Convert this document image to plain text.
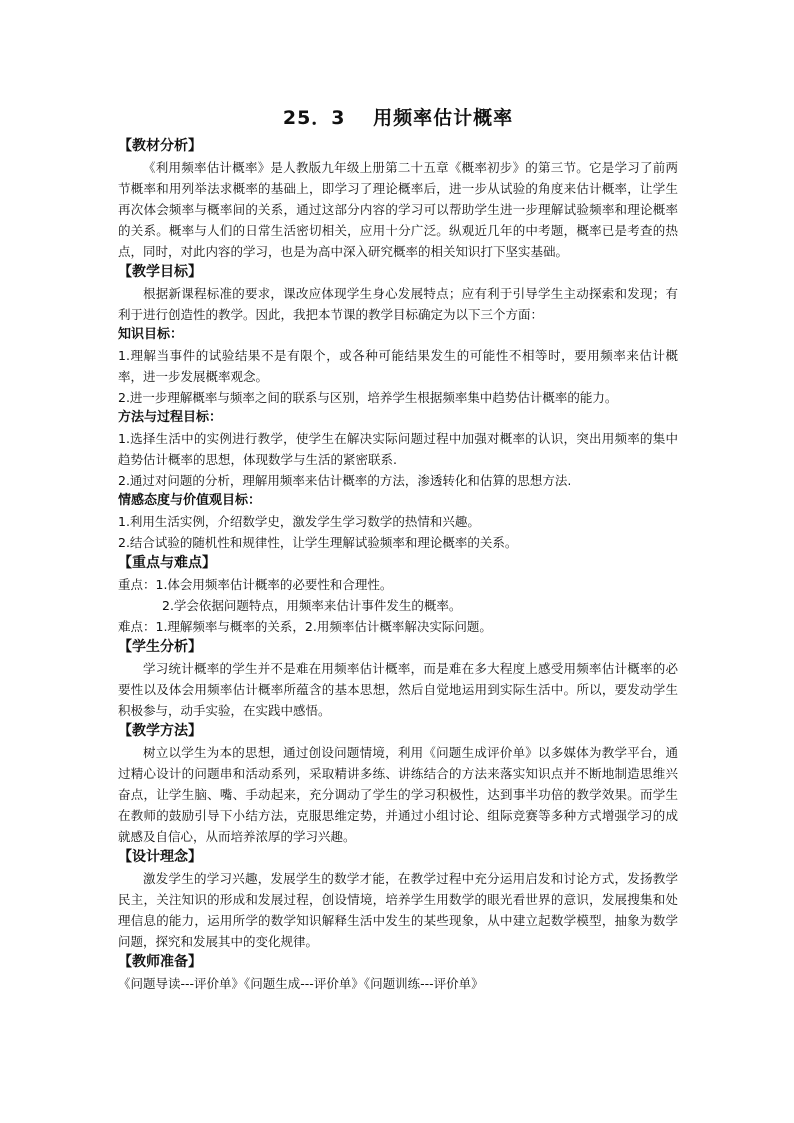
25．3　 用频率估计概率
【教材分析】

《利用频率估计概率》是人教版九年级上册第二十五章《概率初步》的第三节。它是学习了前两节概率和用列举法求概率的基础上，即学习了理论概率后，进一步从试验的角度来估计概率，让学生再次体会频率与概率间的关系，通过这部分内容的学习可以帮助学生进一步理解试验频率和理论概率的关系。概率与人们的日常生活密切相关，应用十分广泛。纵观近几年的中考题，概率已是考查的热点，同时，对此内容的学习，也是为高中深入研究概率的相关知识打下坚实基础。

【教学目标】

根据新课程标准的要求，课改应体现学生身心发展特点；应有利于引导学生主动探索和发现；有利于进行创造性的教学。因此，我把本节课的教学目标确定为以下三个方面：

知识目标：

1.理解当事件的试验结果不是有限个，或各种可能结果发生的可能性不相等时，要用频率来估计概率，进一步发展概率观念。

2.进一步理解概率与频率之间的联系与区别，培养学生根据频率集中趋势估计概率的能力。

方法与过程目标：

1.选择生活中的实例进行教学，使学生在解决实际问题过程中加强对概率的认识，突出用频率的集中趋势估计概率的思想，体现数学与生活的紧密联系.

2.通过对问题的分析，理解用频率来估计概率的方法，渗透转化和估算的思想方法.

情感态度与价值观目标：

1.利用生活实例，介绍数学史，激发学生学习数学的热情和兴趣。

2.结合试验的随机性和规律性，让学生理解试验频率和理论概率的关系。

【重点与难点】

重点：1.体会用频率估计概率的必要性和合理性。

2.学会依据问题特点，用频率来估计事件发生的概率。

难点：1.理解频率与概率的关系，2.用频率估计概率解决实际问题。

【学生分析】

学习统计概率的学生并不是难在用频率估计概率，而是难在多大程度上感受用频率估计概率的必要性以及体会用频率估计概率所蕴含的基本思想，然后自觉地运用到实际生活中。所以，要发动学生积极参与，动手实验，在实践中感悟。

【教学方法】

树立以学生为本的思想，通过创设问题情境，利用《问题生成评价单》以多媒体为教学平台，通过精心设计的问题串和活动系列，采取精讲多练、讲练结合的方法来落实知识点并不断地制造思维兴奋点，让学生脑、嘴、手动起来，充分调动了学生的学习积极性，达到事半功倍的教学效果。而学生在教师的鼓励引导下小结方法，克服思维定势，并通过小组讨论、组际竞赛等多种方式增强学习的成就感及自信心，从而培养浓厚的学习兴趣。

【设计理念】

激发学生的学习兴趣，发展学生的数学才能，在教学过程中充分运用启发和讨论方式，发扬教学民主，关注知识的形成和发展过程，创设情境，培养学生用数学的眼光看世界的意识，发展搜集和处理信息的能力，运用所学的数学知识解释生活中发生的某些现象，从中建立起数学模型，抽象为数学问题，探究和发展其中的变化规律。

【教师准备】

《问题导读---评价单》《问题生成---评价单》《问题训练---评价单》
